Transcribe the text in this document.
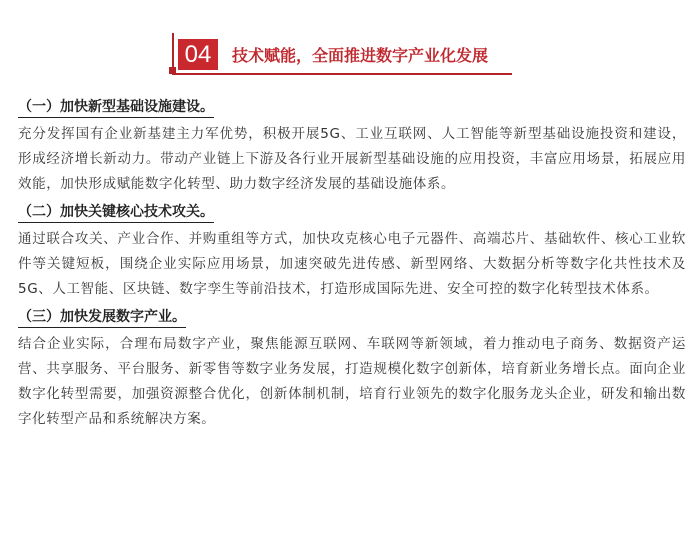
04	技术赋能，全面推进数字产业化发展
（一）加快新型基础设施建设。

充分发挥国有企业新基建主力军优势，积极开展5G、工业互联网、人工智能等新型基础设施投资和建设，形成经济增长新动力。带动产业链上下游及各行业开展新型基础设施的应用投资，丰富应用场景，拓展应用效能，加快形成赋能数字化转型、助力数字经济发展的基础设施体系。

（二）加快关键核心技术攻关。

通过联合攻关、产业合作、并购重组等方式，加快攻克核心电子元器件、高端芯片、基础软件、核心工业软件等关键短板，围绕企业实际应用场景，加速突破先进传感、新型网络、大数据分析等数字化共性技术及5G、人工智能、区块链、数字孪生等前沿技术，打造形成国际先进、安全可控的数字化转型技术体系。

（三）加快发展数字产业。

结合企业实际，合理布局数字产业，聚焦能源互联网、车联网等新领域，着力推动电子商务、数据资产运营、共享服务、平台服务、新零售等数字业务发展，打造规模化数字创新体，培育新业务增长点。面向企业数字化转型需要，加强资源整合优化，创新体制机制，培育行业领先的数字化服务龙头企业，研发和输出数字化转型产品和系统解决方案。
